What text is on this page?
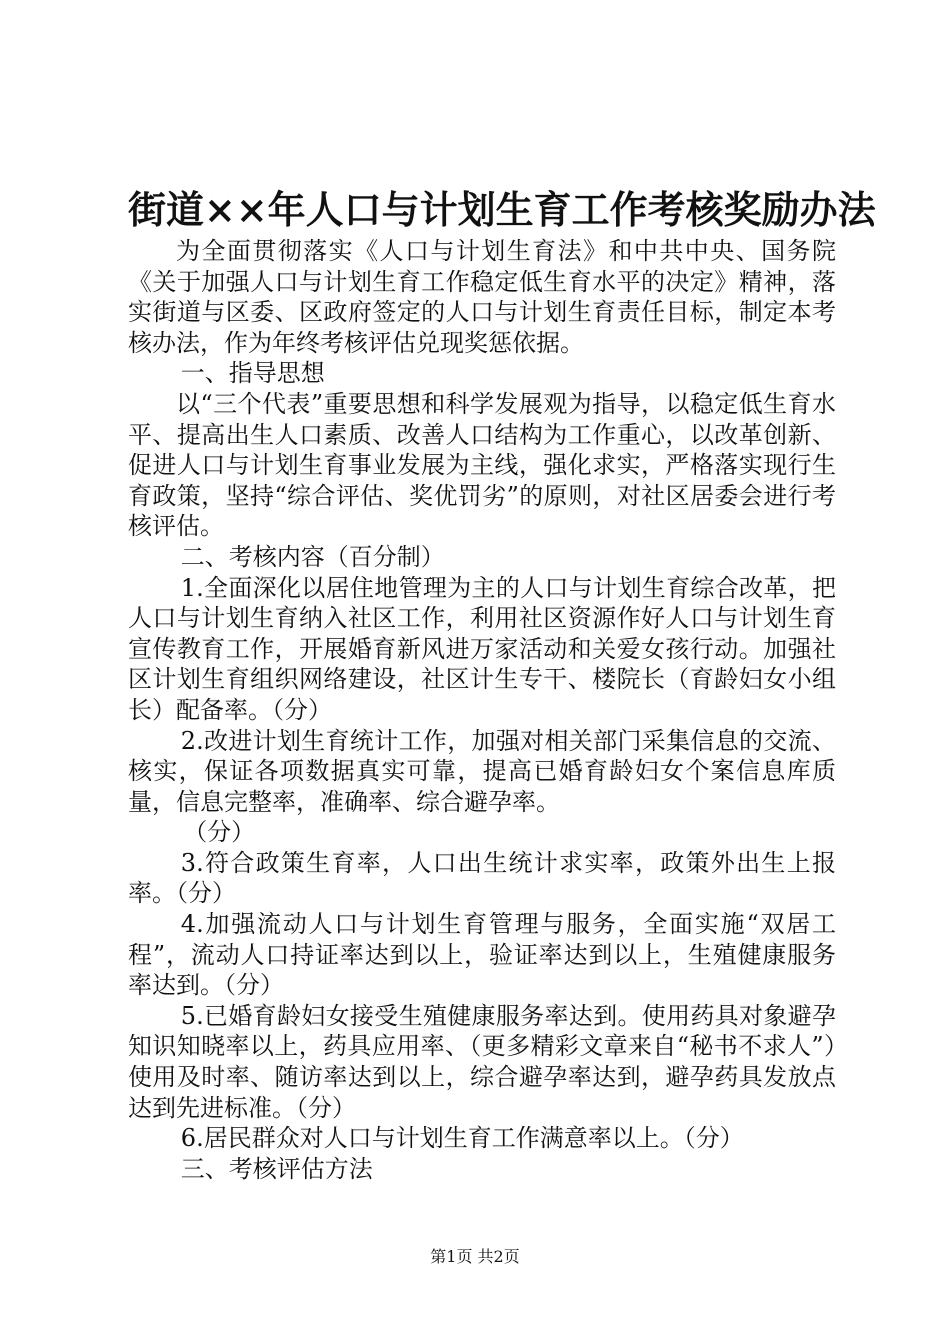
街道××年人口与计划生育工作考核奖励办法

为全面贯彻落实《人口与计划生育法》和中共中央、国务院《关于加强人口与计划生育工作稳定低生育水平的决定》精神，落实街道与区委、区政府签定的人口与计划生育责任目标，制定本考核办法，作为年终考核评估兑现奖惩依据。

一、指导思想

以“三个代表”重要思想和科学发展观为指导，以稳定低生育水平、提高出生人口素质、改善人口结构为工作重心，以改革创新、促进人口与计划生育事业发展为主线，强化求实，严格落实现行生育政策，坚持“综合评估、奖优罚劣”的原则，对社区居委会进行考核评估。

二、考核内容（百分制）

1.全面深化以居住地管理为主的人口与计划生育综合改革，把人口与计划生育纳入社区工作，利用社区资源作好人口与计划生育宣传教育工作，开展婚育新风进万家活动和关爱女孩行动。加强社区计划生育组织网络建设，社区计生专干、楼院长（育龄妇女小组长）配备率。（分）

2.改进计划生育统计工作，加强对相关部门采集信息的交流、核实，保证各项数据真实可靠，提高已婚育龄妇女个案信息库质量，信息完整率，准确率、综合避孕率。

（分）

3.符合政策生育率，人口出生统计求实率，政策外出生上报率。（分）

4.加强流动人口与计划生育管理与服务，全面实施“双居工程”，流动人口持证率达到以上，验证率达到以上，生殖健康服务率达到。（分）

5.已婚育龄妇女接受生殖健康服务率达到。使用药具对象避孕知识知晓率以上，药具应用率、（更多精彩文章来自“秘书不求人”）使用及时率、随访率达到以上，综合避孕率达到，避孕药具发放点达到先进标准。（分）

6.居民群众对人口与计划生育工作满意率以上。（分）

三、考核评估方法

第1页 共2页
